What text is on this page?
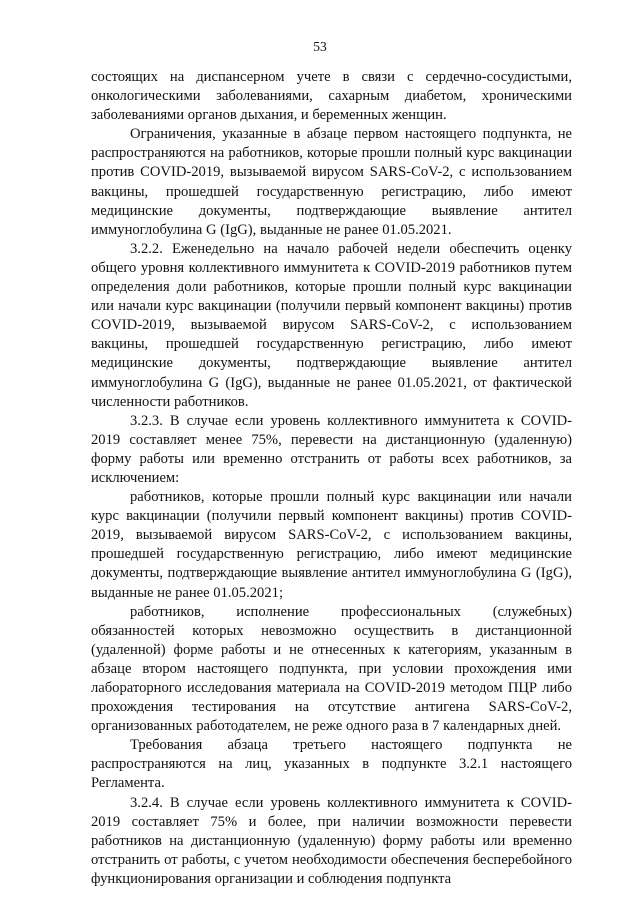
53

состоящих на диспансерном учете в связи с сердечно-сосудистыми, онкологическими заболеваниями, сахарным диабетом, хроническими заболеваниями органов дыхания, и беременных женщин.

Ограничения, указанные в абзаце первом настоящего подпункта, не распространяются на работников, которые прошли полный курс вакцинации против COVID-2019, вызываемой вирусом SARS-CoV-2, с использованием вакцины, прошедшей государственную регистрацию, либо имеют медицинские документы, подтверждающие выявление антител иммуноглобулина G (IgG), выданные не ранее 01.05.2021.

3.2.2. Еженедельно на начало рабочей недели обеспечить оценку общего уровня коллективного иммунитета к COVID-2019 работников путем определения доли работников, которые прошли полный курс вакцинации или начали курс вакцинации (получили первый компонент вакцины) против COVID-2019, вызываемой вирусом SARS-CoV-2, с использованием вакцины, прошедшей государственную регистрацию, либо имеют медицинские документы, подтверждающие выявление антител иммуноглобулина G (IgG), выданные не ранее 01.05.2021, от фактической численности работников.

3.2.3. В случае если уровень коллективного иммунитета к COVID-2019 составляет менее 75%, перевести на дистанционную (удаленную) форму работы или временно отстранить от работы всех работников, за исключением:

работников, которые прошли полный курс вакцинации или начали курс вакцинации (получили первый компонент вакцины) против COVID-2019, вызываемой вирусом SARS-CoV-2, с использованием вакцины, прошедшей государственную регистрацию, либо имеют медицинские документы, подтверждающие выявление антител иммуноглобулина G (IgG), выданные не ранее 01.05.2021;

работников, исполнение профессиональных (служебных) обязанностей которых невозможно осуществить в дистанционной (удаленной) форме работы и не отнесенных к категориям, указанным в абзаце втором настоящего подпункта, при условии прохождения ими лабораторного исследования материала на COVID-2019 методом ПЦР либо прохождения тестирования на отсутствие антигена SARS-CoV-2, организованных работодателем, не реже одного раза в 7 календарных дней.

Требования абзаца третьего настоящего подпункта не распространяются на лиц, указанных в подпункте 3.2.1 настоящего Регламента.

3.2.4. В случае если уровень коллективного иммунитета к COVID-2019 составляет 75% и более, при наличии возможности перевести работников на дистанционную (удаленную) форму работы или временно отстранить от работы, с учетом необходимости обеспечения бесперебойного функционирования организации и соблюдения подпункта
